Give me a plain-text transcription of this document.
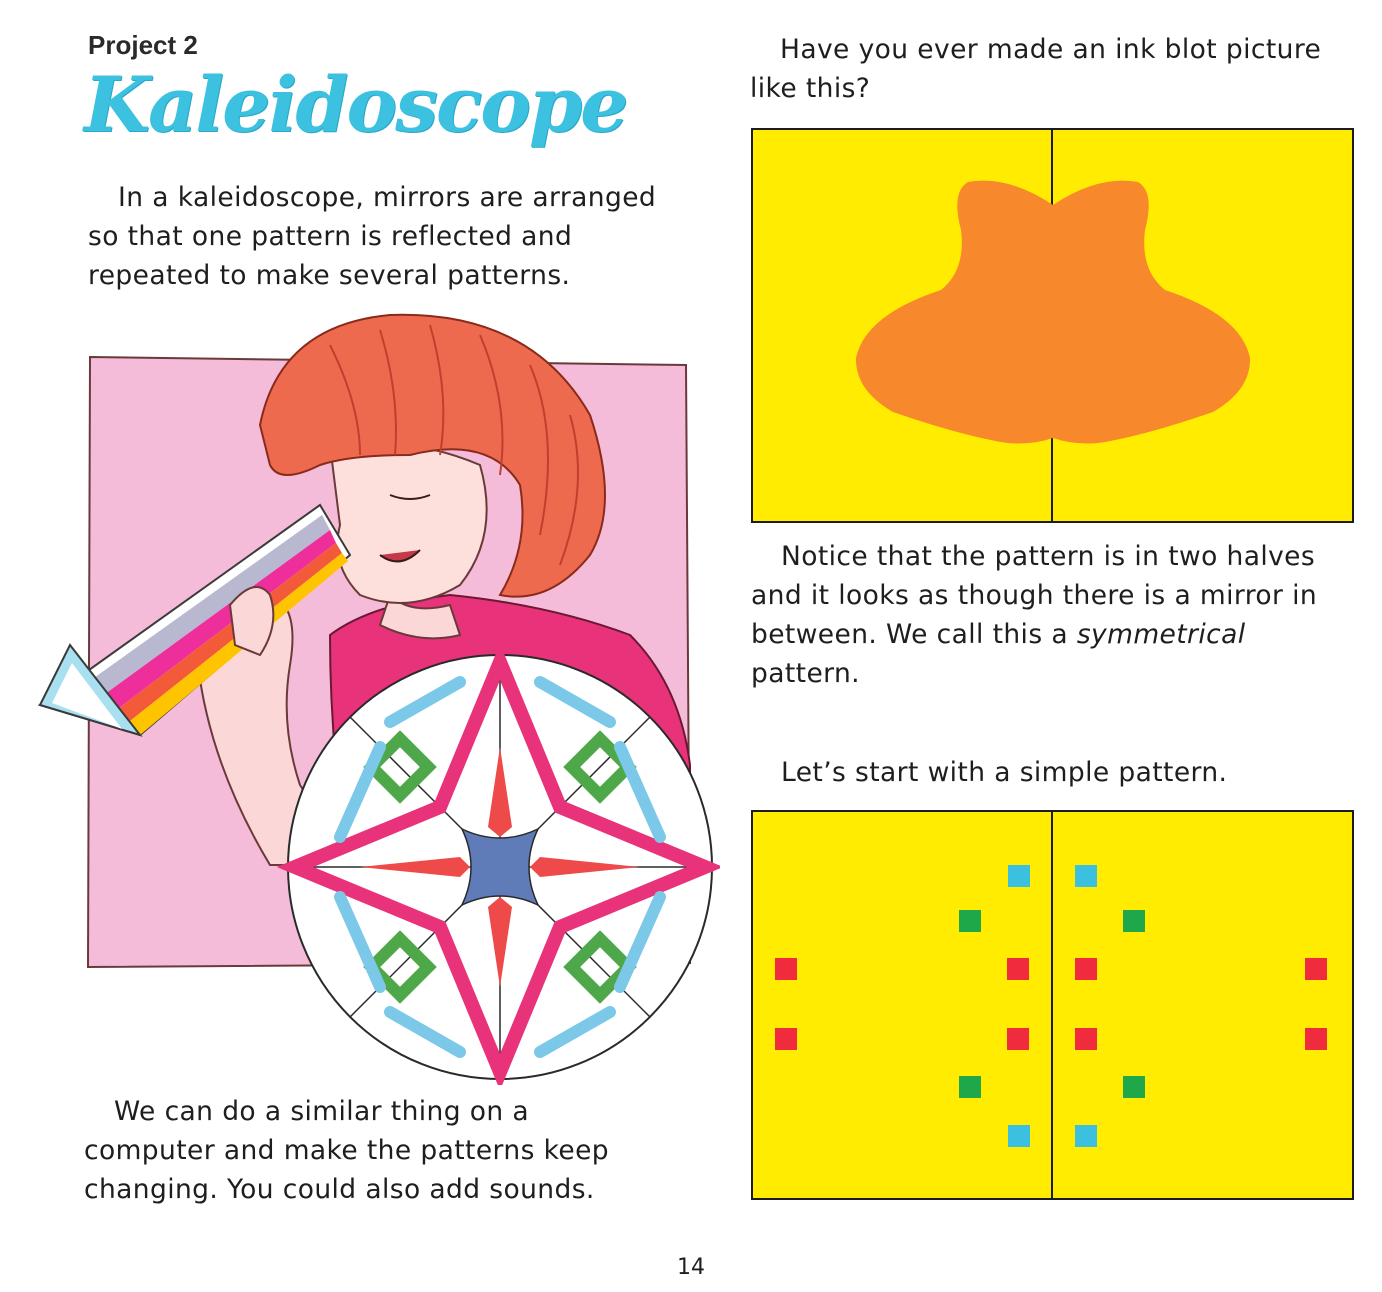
Project 2
Kaleidoscope

In a kaleidoscope, mirrors are arranged

so that one pattern is reflected and

repeated to make several patterns.

We can do a similar thing on a

computer and make the patterns keep

changing. You could also add sounds.

Have you ever made an ink blot picture

like this?

Notice that the pattern is in two halves

and it looks as though there is a mirror in

between. We call this a symmetrical

pattern.

Let’s start with a simple pattern.

14
